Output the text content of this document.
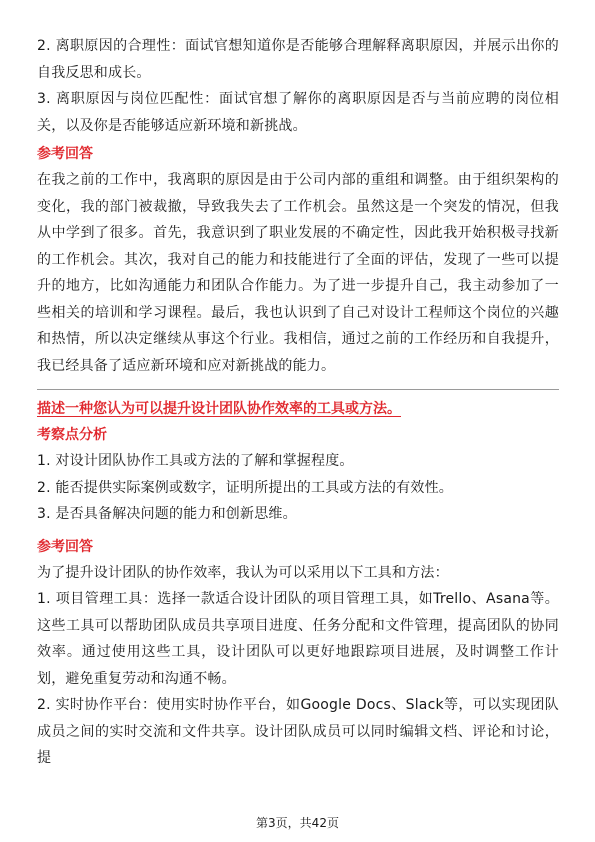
2. 离职原因的合理性：面试官想知道你是否能够合理解释离职原因，并展示出你的自我反思和成长。

3. 离职原因与岗位匹配性：面试官想了解你的离职原因是否与当前应聘的岗位相关，以及你是否能够适应新环境和新挑战。

参考回答

在我之前的工作中，我离职的原因是由于公司内部的重组和调整。由于组织架构的变化，我的部门被裁撤，导致我失去了工作机会。虽然这是一个突发的情况，但我从中学到了很多。首先，我意识到了职业发展的不确定性，因此我开始积极寻找新的工作机会。其次，我对自己的能力和技能进行了全面的评估，发现了一些可以提升的地方，比如沟通能力和团队合作能力。为了进一步提升自己，我主动参加了一些相关的培训和学习课程。最后，我也认识到了自己对设计工程师这个岗位的兴趣和热情，所以决定继续从事这个行业。我相信，通过之前的工作经历和自我提升，我已经具备了适应新环境和应对新挑战的能力。

描述一种您认为可以提升设计团队协作效率的工具或方法。

考察点分析

1. 对设计团队协作工具或方法的了解和掌握程度。

2. 能否提供实际案例或数字，证明所提出的工具或方法的有效性。

3. 是否具备解决问题的能力和创新思维。

参考回答

为了提升设计团队的协作效率，我认为可以采用以下工具和方法：

1. 项目管理工具：选择一款适合设计团队的项目管理工具，如Trello、Asana等。这些工具可以帮助团队成员共享项目进度、任务分配和文件管理，提高团队的协同效率。通过使用这些工具，设计团队可以更好地跟踪项目进展，及时调整工作计划，避免重复劳动和沟通不畅。

2. 实时协作平台：使用实时协作平台，如Google Docs、Slack等，可以实现团队成员之间的实时交流和文件共享。设计团队成员可以同时编辑文档、评论和讨论，提

第3页，共42页
